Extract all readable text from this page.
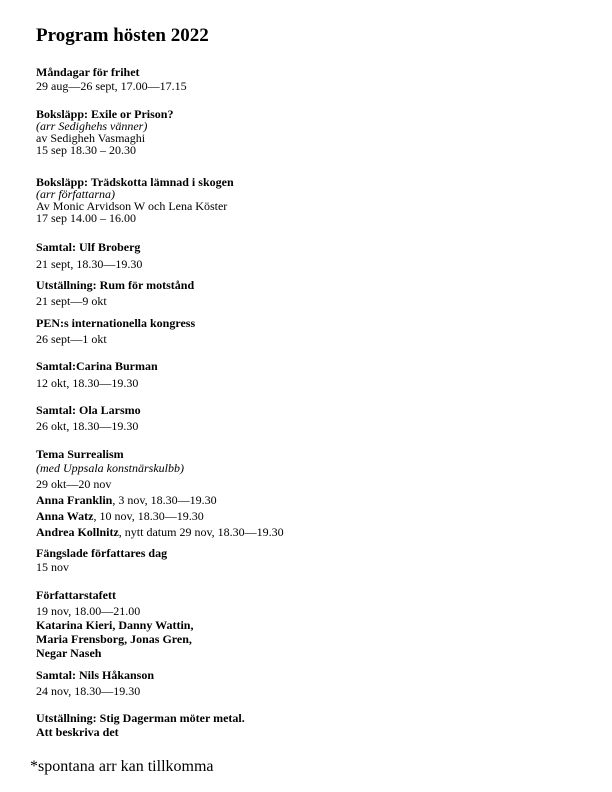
Program hösten 2022
Måndagar för frihet
29 aug—26 sept, 17.00—17.15
Boksläpp: Exile or Prison?
(arr Sedighehs vänner)
av Sedigheh Vasmaghi
15 sep 18.30 – 20.30
Boksläpp: Trädskotta lämnad i skogen
(arr författarna)
Av Monic Arvidson W och Lena Köster
17 sep 14.00 – 16.00
Samtal: Ulf Broberg
21 sept, 18.30—19.30
Utställning: Rum för motstånd
21 sept—9 okt
PEN:s internationella kongress
26 sept—1 okt
Samtal:Carina Burman
12 okt, 18.30—19.30
Samtal: Ola Larsmo
26 okt, 18.30—19.30
Tema Surrealism
(med Uppsala konstnärskulbb)
29 okt—20 nov
Anna Franklin, 3 nov, 18.30—19.30
Anna Watz, 10 nov, 18.30—19.30
Andrea Kollnitz, nytt datum 29 nov, 18.30—19.30
Fängslade författares dag
15 nov
Författarstafett
19 nov, 18.00—21.00
Katarina Kieri, Danny Wattin,
Maria Frensborg, Jonas Gren,
Negar Naseh
Samtal: Nils Håkanson
24 nov, 18.30—19.30
Utställning: Stig Dagerman möter metal.
Att beskriva det
*spontana arr kan tillkomma
